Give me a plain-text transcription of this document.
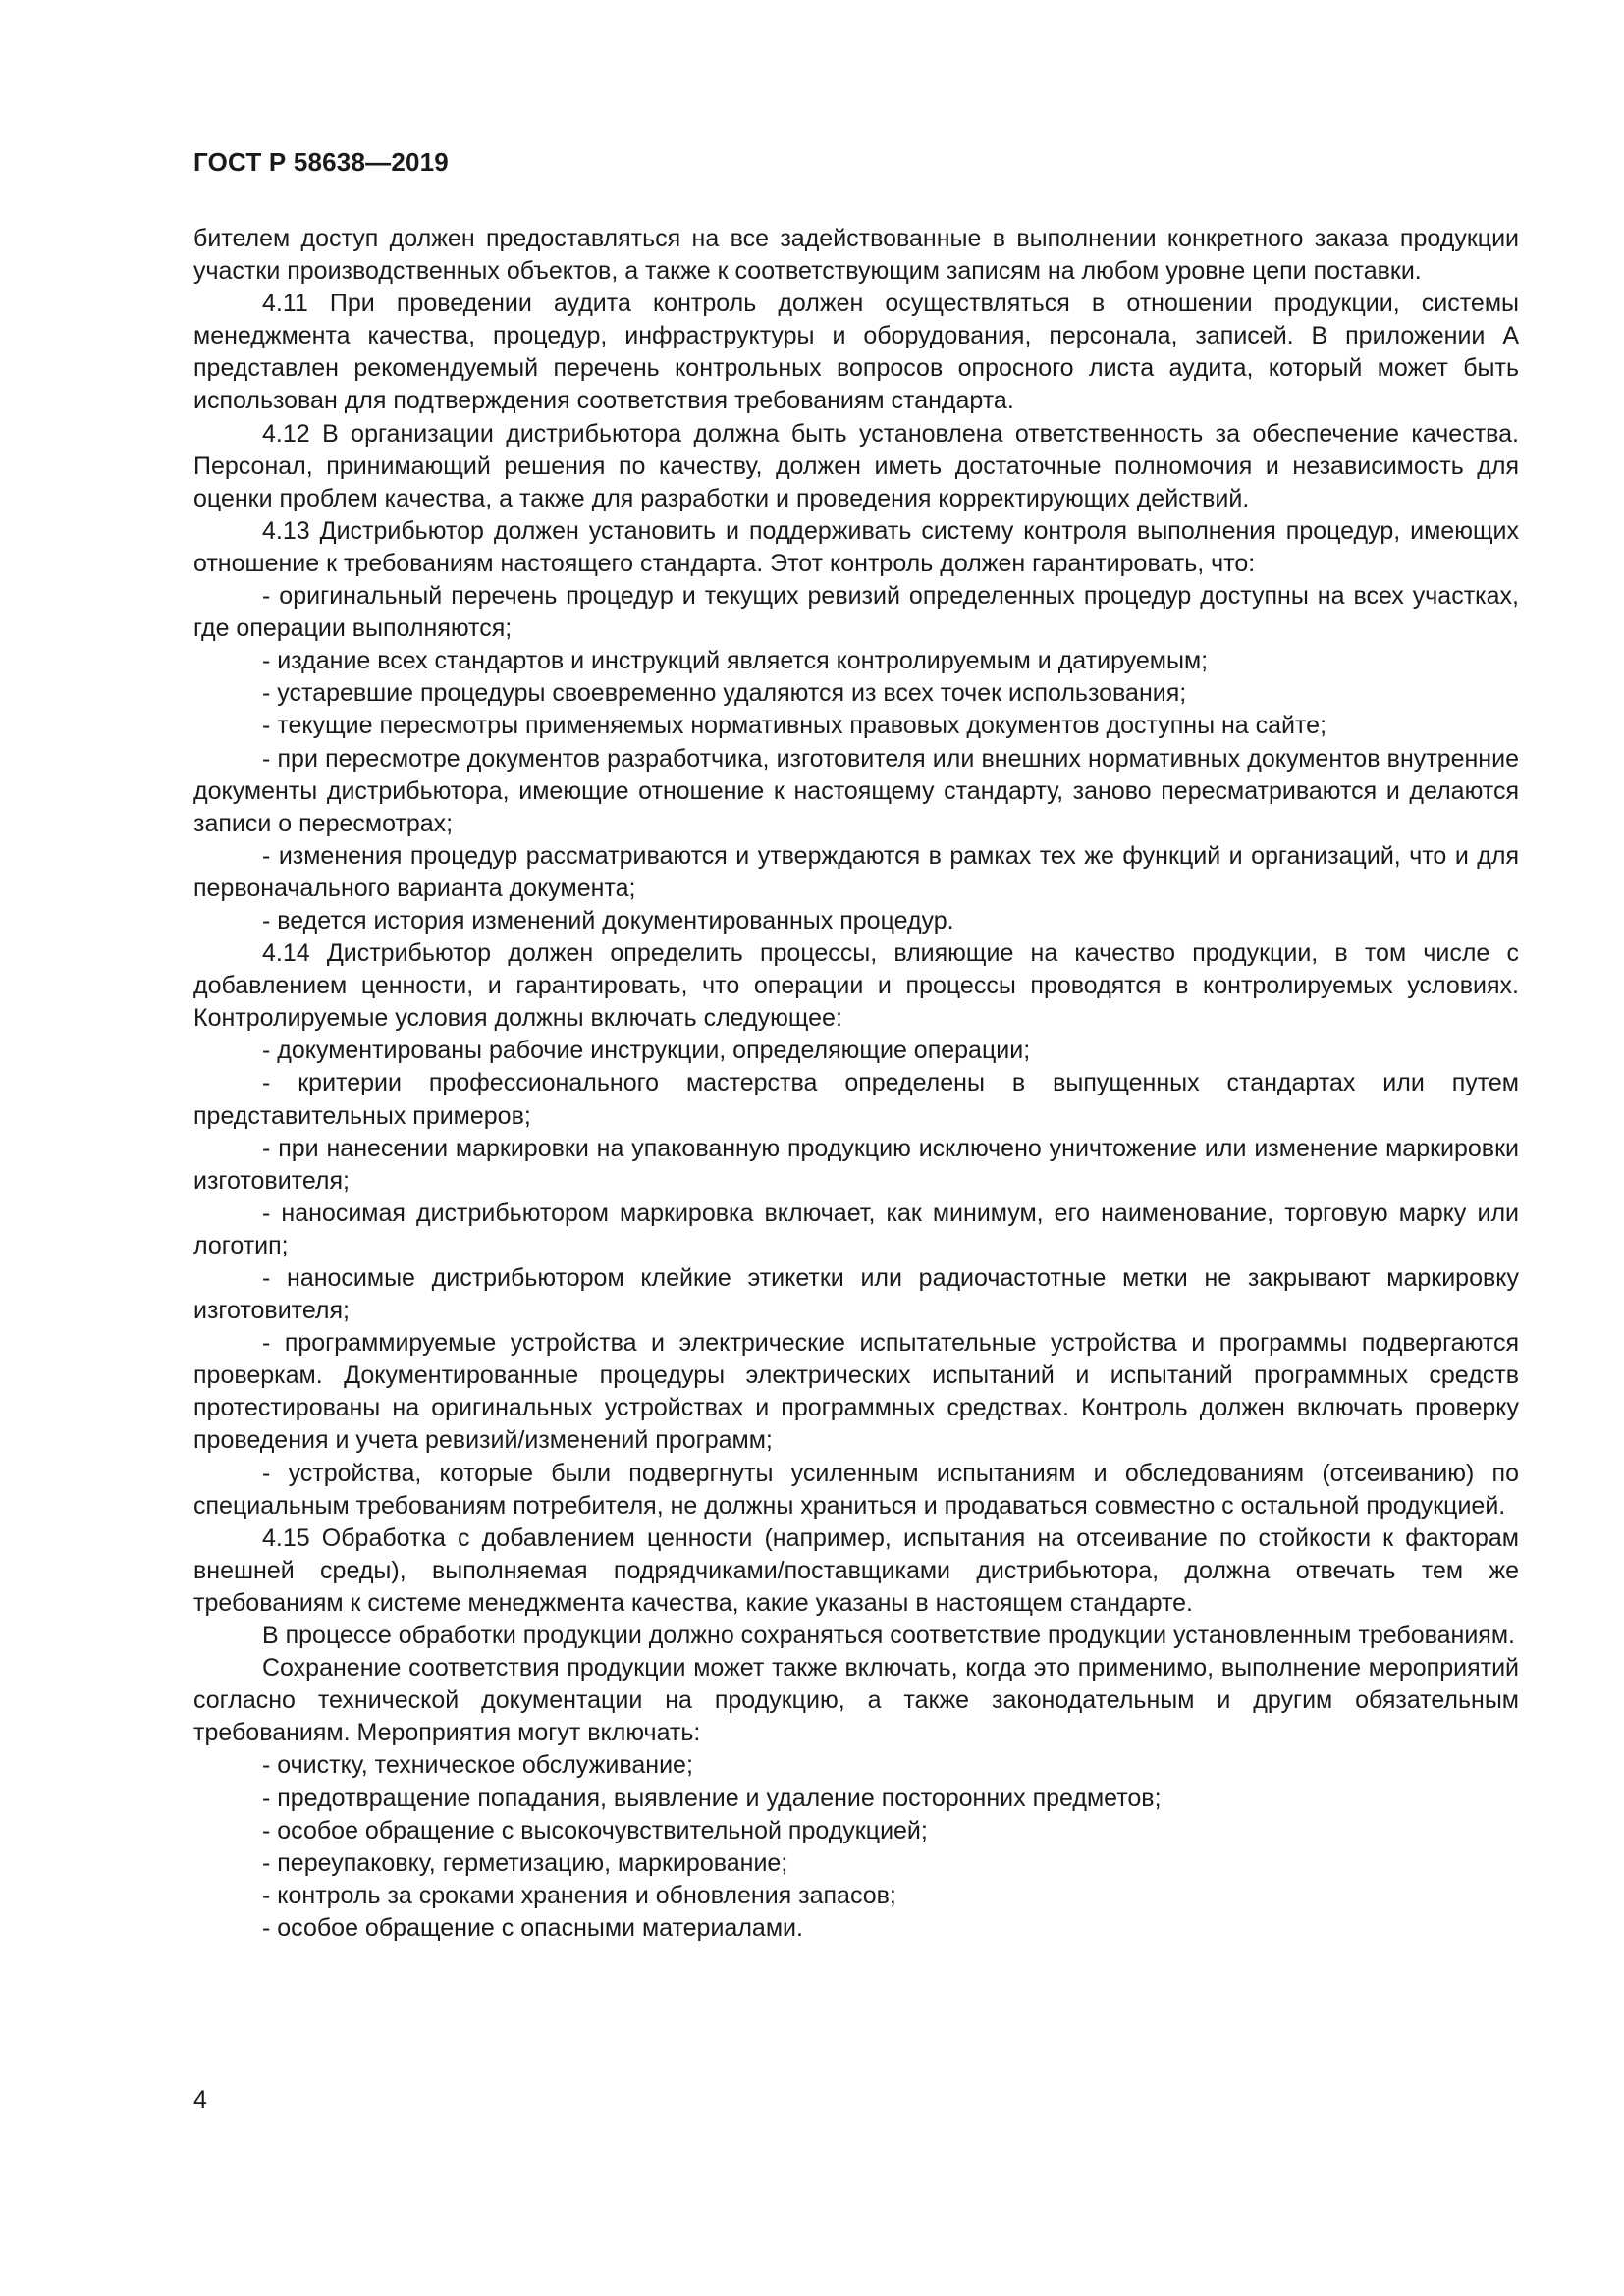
ГОСТ Р 58638—2019

бителем доступ должен предоставляться на все задействованные в выполнении конкретного заказа продукции участки производственных объектов, а также к соответствующим записям на любом уровне цепи поставки.

4.11 При проведении аудита контроль должен осуществляться в отношении продукции, системы менеджмента качества, процедур, инфраструктуры и оборудования, персонала, записей. В приложении А представлен рекомендуемый перечень контрольных вопросов опросного листа аудита, который может быть использован для подтверждения соответствия требованиям стандарта.

4.12 В организации дистрибьютора должна быть установлена ответственность за обеспечение качества. Персонал, принимающий решения по качеству, должен иметь достаточные полномочия и независимость для оценки проблем качества, а также для разработки и проведения корректирующих действий.

4.13 Дистрибьютор должен установить и поддерживать систему контроля выполнения процедур, имеющих отношение к требованиям настоящего стандарта. Этот контроль должен гарантировать, что:

- оригинальный перечень процедур и текущих ревизий определенных процедур доступны на всех участках, где операции выполняются;

- издание всех стандартов и инструкций является контролируемым и датируемым;

- устаревшие процедуры своевременно удаляются из всех точек использования;

- текущие пересмотры применяемых нормативных правовых документов доступны на сайте;

- при пересмотре документов разработчика, изготовителя или внешних нормативных документов внутренние документы дистрибьютора, имеющие отношение к настоящему стандарту, заново пересматриваются и делаются записи о пересмотрах;

- изменения процедур рассматриваются и утверждаются в рамках тех же функций и организаций, что и для первоначального варианта документа;

- ведется история изменений документированных процедур.

4.14 Дистрибьютор должен определить процессы, влияющие на качество продукции, в том числе с добавлением ценности, и гарантировать, что операции и процессы проводятся в контролируемых условиях. Контролируемые условия должны включать следующее:

- документированы рабочие инструкции, определяющие операции;

- критерии профессионального мастерства определены в выпущенных стандартах или путем представительных примеров;

- при нанесении маркировки на упакованную продукцию исключено уничтожение или изменение маркировки изготовителя;

- наносимая дистрибьютором маркировка включает, как минимум, его наименование, торговую марку или логотип;

- наносимые дистрибьютором клейкие этикетки или радиочастотные метки не закрывают маркировку изготовителя;

- программируемые устройства и электрические испытательные устройства и программы подвергаются проверкам. Документированные процедуры электрических испытаний и испытаний программных средств протестированы на оригинальных устройствах и программных средствах. Контроль должен включать проверку проведения и учета ревизий/изменений программ;

- устройства, которые были подвергнуты усиленным испытаниям и обследованиям (отсеиванию) по специальным требованиям потребителя, не должны храниться и продаваться совместно с остальной продукцией.

4.15 Обработка с добавлением ценности (например, испытания на отсеивание по стойкости к факторам внешней среды), выполняемая подрядчиками/поставщиками дистрибьютора, должна отвечать тем же требованиям к системе менеджмента качества, какие указаны в настоящем стандарте.

В процессе обработки продукции должно сохраняться соответствие продукции установленным требованиям.

Сохранение соответствия продукции может также включать, когда это применимо, выполнение мероприятий согласно технической документации на продукцию, а также законодательным и другим обязательным требованиям. Мероприятия могут включать:

- очистку, техническое обслуживание;

- предотвращение попадания, выявление и удаление посторонних предметов;

- особое обращение с высокочувствительной продукцией;

- переупаковку, герметизацию, маркирование;

- контроль за сроками хранения и обновления запасов;

- особое обращение с опасными материалами.

4
